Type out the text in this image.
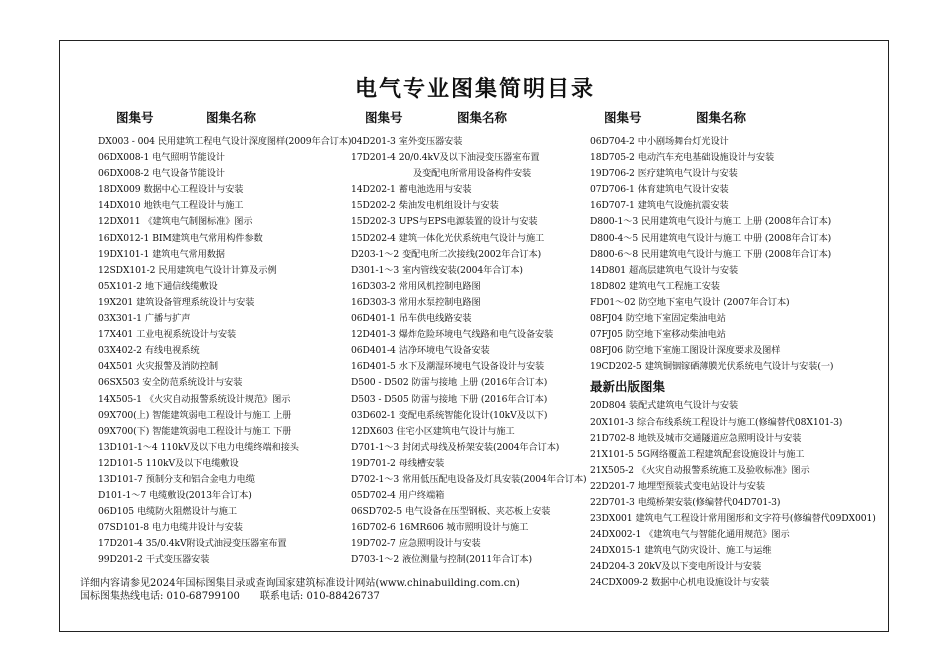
电气专业图集简明目录
图集号	图集名称
DX003 - 004 民用建筑工程电气设计深度图样(2009年合订本)
06DX008-1 电气照明节能设计
06DX008-2 电气设备节能设计
18DX009 数据中心工程设计与安装
14DX010 地铁电气工程设计与施工
12DX011 《建筑电气制图标准》图示
16DX012-1 BIM建筑电气常用构件参数
19DX101-1 建筑电气常用数据
12SDX101-2 民用建筑电气设计计算及示例
05X101-2 地下通信线缆敷设
19X201 建筑设备管理系统设计与安装
03X301-1 广播与扩声
17X401 工业电视系统设计与安装
03X402-2 有线电视系统
04X501 火灾报警及消防控制
06SX503 安全防范系统设计与安装
14X505-1 《火灾自动报警系统设计规范》图示
09X700(上) 智能建筑弱电工程设计与施工 上册
09X700(下) 智能建筑弱电工程设计与施工 下册
13D101-1～4 110kV及以下电力电缆终端和接头
12D101-5 110kV及以下电缆敷设
13D101-7 预制分支和铝合金电力电缆
D101-1～7 电缆敷设(2013年合订本)
06D105 电缆防火阻燃设计与施工
07SD101-8 电力电缆井设计与安装
17D201-4 35/0.4kV附设式油浸变压器室布置
99D201-2 干式变压器安装
图集号	图集名称
04D201-3 室外变压器安装
17D201-4 20/0.4kV及以下油浸变压器室布置
及变配电所常用设备构件安装
14D202-1 蓄电池选用与安装
15D202-2 柴油发电机组设计与安装
15D202-3 UPS与EPS电源装置的设计与安装
15D202-4 建筑一体化光伏系统电气设计与施工
D203-1～2 变配电所二次接线(2002年合订本)
D301-1～3 室内管线安装(2004年合订本)
16D303-2 常用风机控制电路图
16D303-3 常用水泵控制电路图
06D401-1 吊车供电线路安装
12D401-3 爆炸危险环境电气线路和电气设备安装
06D401-4 洁净环境电气设备安装
16D401-5 水下及潮湿环境电气设备设计与安装
D500 - D502 防雷与接地 上册 (2016年合订本)
D503 - D505 防雷与接地 下册 (2016年合订本)
03D602-1 变配电系统智能化设计(10kV及以下)
12DX603 住宅小区建筑电气设计与施工
D701-1～3 封闭式母线及桥架安装(2004年合订本)
19D701-2 母线槽安装
D702-1～3 常用低压配电设备及灯具安装(2004年合订本)
05D702-4 用户终端箱
06SD702-5 电气设备在压型钢板、夹芯板上安装
16D702-6 16MR606 城市照明设计与施工
19D702-7 应急照明设计与安装
D703-1～2 液位测量与控制(2011年合订本)
图集号	图集名称
06D704-2 中小剧场舞台灯光设计
18D705-2 电动汽车充电基础设施设计与安装
19D706-2 医疗建筑电气设计与安装
07D706-1 体育建筑电气设计安装
16D707-1 建筑电气设施抗震安装
D800-1～3 民用建筑电气设计与施工 上册 (2008年合订本)
D800-4～5 民用建筑电气设计与施工 中册 (2008年合订本)
D800-6～8 民用建筑电气设计与施工 下册 (2008年合订本)
14D801 超高层建筑电气设计与安装
18D802 建筑电气工程施工安装
FD01～02 防空地下室电气设计 (2007年合订本)
08FJ04 防空地下室固定柴油电站
07FJ05 防空地下室移动柴油电站
08FJ06 防空地下室施工图设计深度要求及图样
19CD202-5 建筑铜铟镓硒薄膜光伏系统电气设计与安装(一)
最新出版图集
20D804 装配式建筑电气设计与安装
20X101-3 综合布线系统工程设计与施工(修编替代08X101-3)
21D702-8 地铁及城市交通隧道应急照明设计与安装
21X101-5 5G网络覆盖工程建筑配套设施设计与施工
21X505-2 《火灾自动报警系统施工及验收标准》图示
22D201-7 地埋型预装式变电站设计与安装
22D701-3 电缆桥架安装(修编替代04D701-3)
23DX001 建筑电气工程设计常用图形和文字符号(修编替代09DX001)
24DX002-1 《建筑电气与智能化通用规范》图示
24DX015-1 建筑电气防灾设计、施工与运维
24D204-3 20kV及以下变电所设计与安装
24CDX009-2 数据中心机电设施设计与安装
详细内容请参见2024年国标图集目录或查询国家建筑标准设计网站(www.chinabuilding.com.cn)
国标图集热线电话: 010-68799100 联系电话: 010-88426737
